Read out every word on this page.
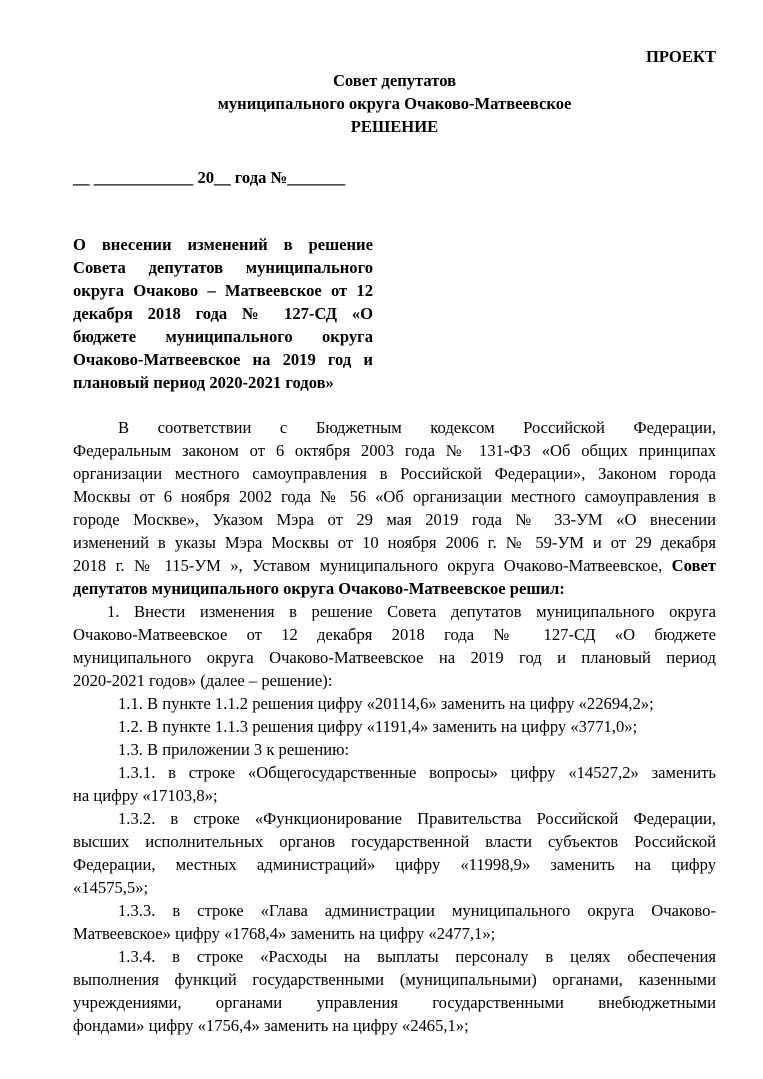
ПРОЕКТ
Совет депутатов
муниципального округа Очаково-Матвеевское
РЕШЕНИЕ
__ ____________ 20__ года №_______
О внесении изменений в решение
Совета депутатов муниципального
округа Очаково – Матвеевское от 12
декабря 2018 года № 127-СД «О
бюджете муниципального округа
Очаково-Матвеевское на 2019 год и
плановый период 2020-2021 годов»
В соответствии с Бюджетным кодексом Российской Федерации,
Федеральным законом от 6 октября 2003 года № 131-ФЗ «Об общих принципах
организации местного самоуправления в Российской Федерации», Законом города
Москвы от 6 ноября 2002 года № 56 «Об организации местного самоуправления в
городе Москве», Указом Мэра от 29 мая 2019 года № 33-УМ «О внесении
изменений в указы Мэра Москвы от 10 ноября 2006 г. № 59-УМ и от 29 декабря
2018 г. № 115-УМ », Уставом муниципального округа Очаково-Матвеевское, Совет
депутатов муниципального округа Очаково-Матвеевское решил:
1. Внести изменения в решение Совета депутатов муниципального округа
Очаково-Матвеевское от 12 декабря 2018 года № 127-СД «О бюджете
муниципального округа Очаково-Матвеевское на 2019 год и плановый период
2020-2021 годов» (далее – решение):
1.1. В пункте 1.1.2 решения цифру «20114,6» заменить на цифру «22694,2»;
1.2. В пункте 1.1.3 решения цифру «1191,4» заменить на цифру «3771,0»;
1.3. В приложении 3 к решению:
1.3.1. в строке «Общегосударственные вопросы» цифру «14527,2» заменить
на цифру «17103,8»;
1.3.2. в строке «Функционирование Правительства Российской Федерации,
высших исполнительных органов государственной власти субъектов Российской
Федерации, местных администраций» цифру «11998,9» заменить на цифру
«14575,5»;
1.3.3. в строке «Глава администрации муниципального округа Очаково-
Матвеевское» цифру «1768,4» заменить на цифру «2477,1»;
1.3.4. в строке «Расходы на выплаты персоналу в целях обеспечения
выполнения функций государственными (муниципальными) органами, казенными
учреждениями, органами управления государственными внебюджетными
фондами» цифру «1756,4» заменить на цифру «2465,1»;
